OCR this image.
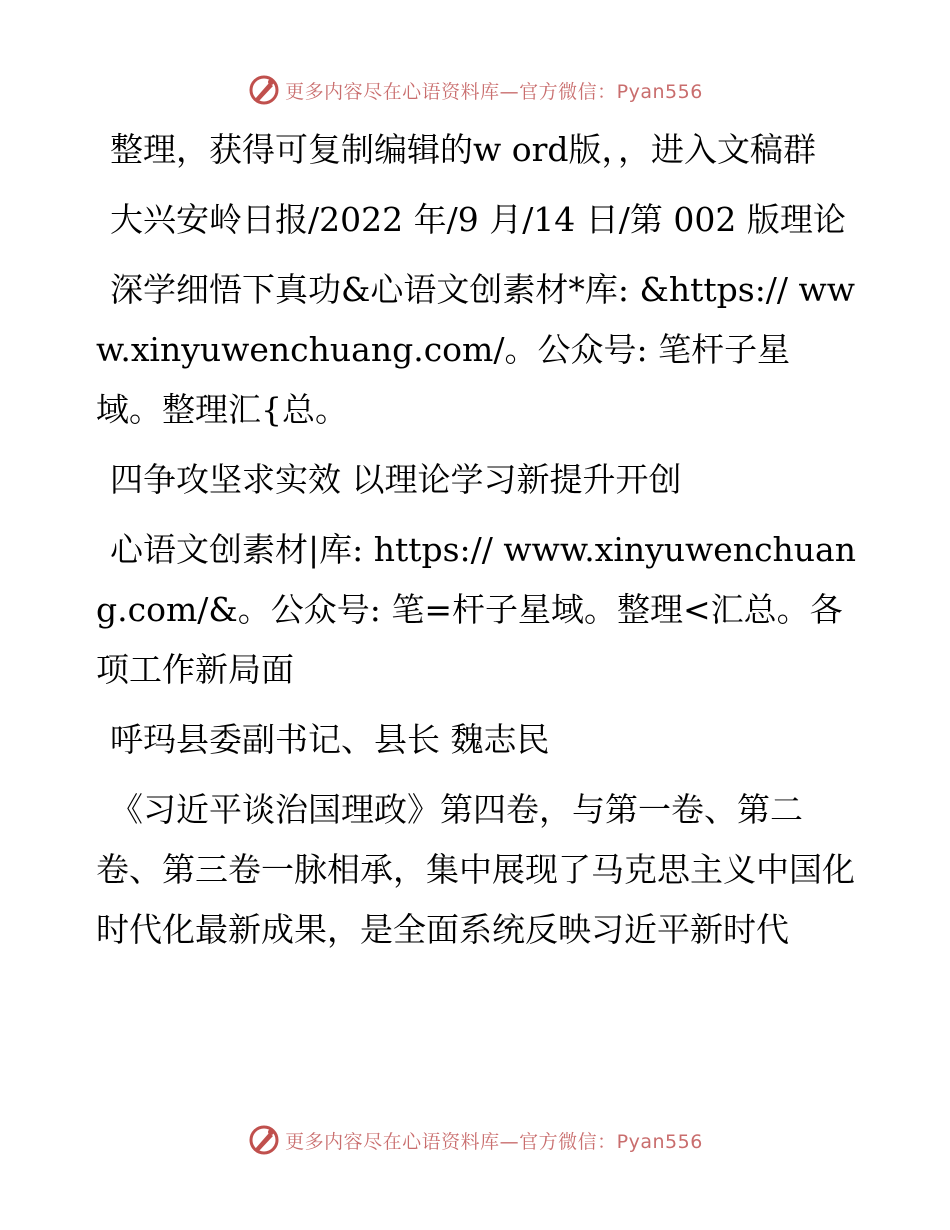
更多内容尽在心语资料库—官方微信：Pyan556

整理，获得可复制编辑的w ord版，，进入文稿群

大兴安岭日报/2022 年/9 月/14 日/第 002 版理论

深学细悟下真功&心语文创素材*库: &https:// www.xinyuwenchuang.com/。公众号: 笔杆子星域。整理汇{总。

四争攻坚求实效 以理论学习新提升开创

心语文创素材|库: https:// www.xinyuwenchuang.com/&。公众号: 笔=杆子星域。整理<汇总。各项工作新局面

呼玛县委副书记、县长 魏志民

《习近平谈治国理政》第四卷，与第一卷、第二卷、第三卷一脉相承，集中展现了马克思主义中国化时代化最新成果，是全面系统反映习近平新时代

更多内容尽在心语资料库—官方微信：Pyan556
